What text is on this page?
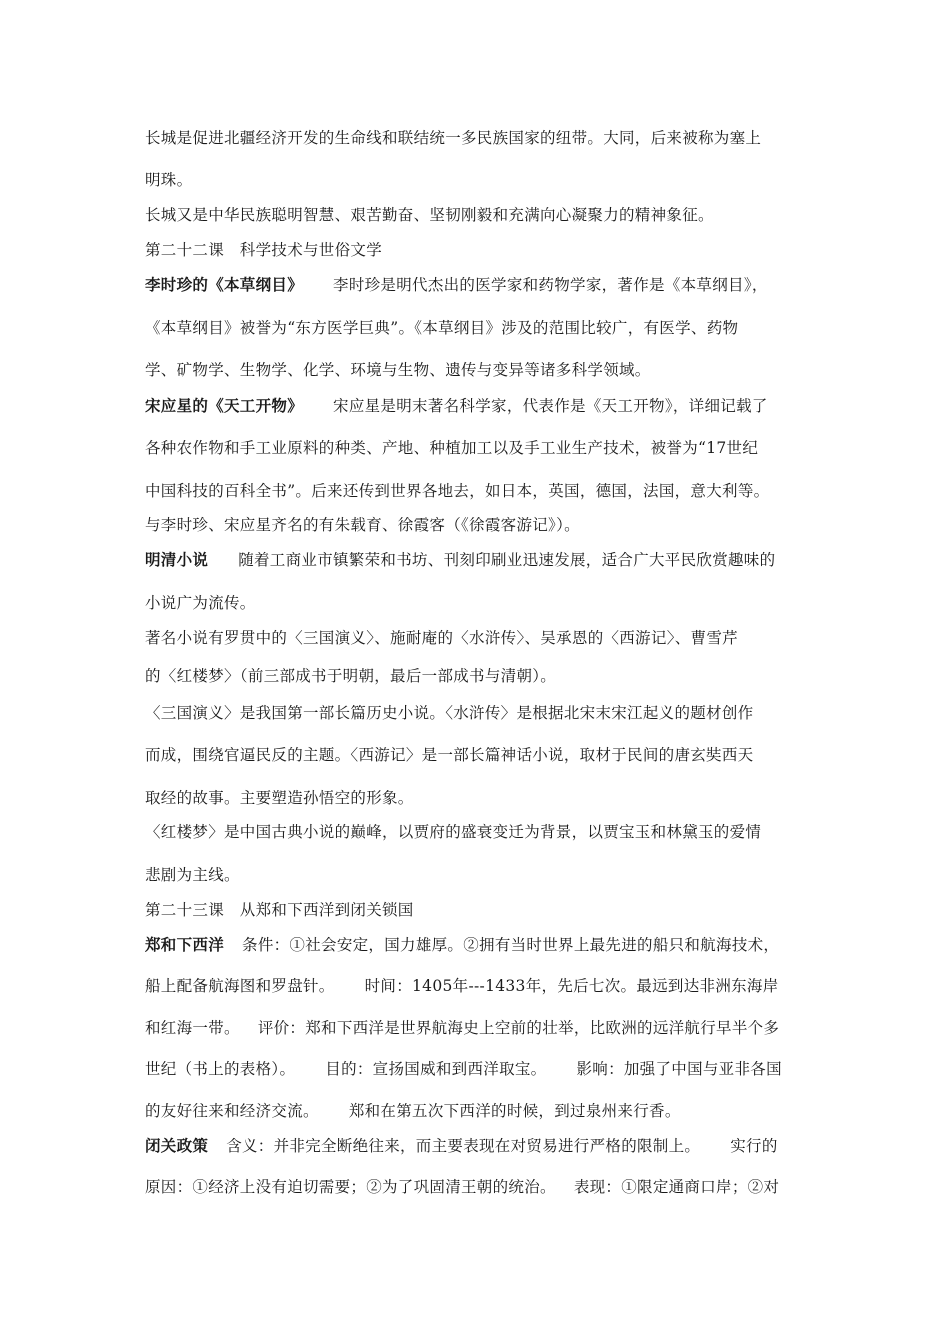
长城是促进北疆经济开发的生命线和联结统一多民族国家的纽带。大同，后来被称为塞上
明珠。
长城又是中华民族聪明智慧、艰苦勤奋、坚韧刚毅和充满向心凝聚力的精神象征。
第二十二课　科学技术与世俗文学
李时珍的《本草纲目》 李时珍是明代杰出的医学家和药物学家，著作是《本草纲目》，
《本草纲目》被誉为“东方医学巨典”。《本草纲目》涉及的范围比较广，有医学、药物
学、矿物学、生物学、化学、环境与生物、遗传与变异等诸多科学领域。
宋应星的《天工开物》 宋应星是明末著名科学家，代表作是《天工开物》，详细记载了
各种农作物和手工业原料的种类、产地、种植加工以及手工业生产技术，被誉为“17世纪
中国科技的百科全书”。后来还传到世界各地去，如日本，英国，德国，法国，意大利等。
与李时珍、宋应星齐名的有朱载育、徐霞客（《徐霞客游记》）。
明清小说 随着工商业市镇繁荣和书坊、刊刻印刷业迅速发展，适合广大平民欣赏趣味的
小说广为流传。
著名小说有罗贯中的〈三国演义〉、施耐庵的〈水浒传〉、吴承恩的〈西游记〉、曹雪芹
的〈红楼梦〉（前三部成书于明朝，最后一部成书与清朝）。
〈三国演义〉是我国第一部长篇历史小说。〈水浒传〉是根据北宋末宋江起义的题材创作
而成，围绕官逼民反的主题。〈西游记〉是一部长篇神话小说，取材于民间的唐玄奘西天
取经的故事。主要塑造孙悟空的形象。
〈红楼梦〉是中国古典小说的巅峰，以贾府的盛衰变迁为背景，以贾宝玉和林黛玉的爱情
悲剧为主线。
第二十三课　从郑和下西洋到闭关锁国
郑和下西洋 条件：①社会安定，国力雄厚。②拥有当时世界上最先进的船只和航海技术，
船上配备航海图和罗盘针。 时间：1405年---1433年，先后七次。最远到达非洲东海岸
和红海一带。 评价：郑和下西洋是世界航海史上空前的壮举，比欧洲的远洋航行早半个多
世纪（书上的表格）。 目的：宣扬国威和到西洋取宝。 影响：加强了中国与亚非各国
的友好往来和经济交流。 郑和在第五次下西洋的时候，到过泉州来行香。
闭关政策 含义：并非完全断绝往来，而主要表现在对贸易进行严格的限制上。 实行的
原因：①经济上没有迫切需要；②为了巩固清王朝的统治。 表现：①限定通商口岸；②对
